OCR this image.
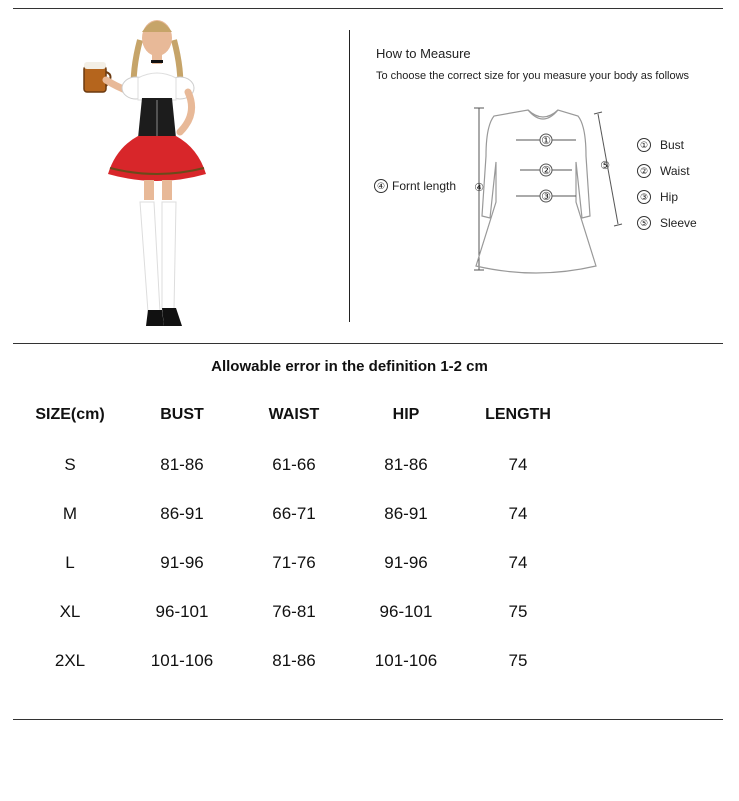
How to Measure
To choose the correct size for you measure your body as follows
①
②
③
④
⑤
④ Fornt length
① Bust
② Waist
③ Hip
⑤ Sleeve
Allowable error in the definition 1-2 cm
SIZE(cm)	BUST	WAIST	HIP	LENGTH
S	81-86	61-66	81-86	74
M	86-91	66-71	86-91	74
L	91-96	71-76	91-96	74
XL	96-101	76-81	96-101	75
2XL	101-106	81-86	101-106	75
